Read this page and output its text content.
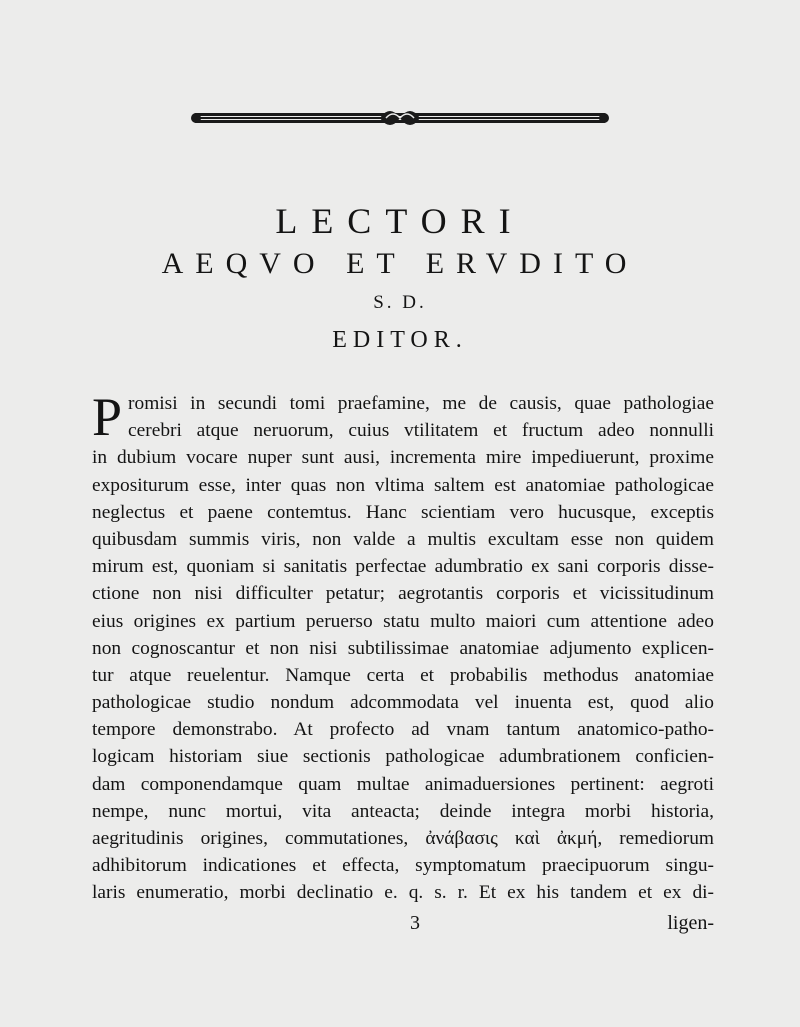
LECTORI
AEQVO ET ERVDITO
S. D.
EDITOR.
P romisi in secundi tomi praefamine, me de causis, quae pathologiae
cerebri atque neruorum, cuius vtilitatem et fructum adeo nonnulli
in dubium vocare nuper sunt ausi, incrementa mire impediuerunt, proxime
expositurum esse, inter quas non vltima saltem est anatomiae pathologicae
neglectus et paene contemtus. Hanc scientiam vero hucusque, exceptis
quibusdam summis viris, non valde a multis excultam esse non quidem
mirum est, quoniam si sanitatis perfectae adumbratio ex sani corporis disse-
ctione non nisi difficulter petatur; aegrotantis corporis et vicissitudinum
eius origines ex partium peruerso statu multo maiori cum attentione adeo
non cognoscantur et non nisi subtilissimae anatomiae adjumento explicen-
tur atque reuelentur. Namque certa et probabilis methodus anatomiae
pathologicae studio nondum adcommodata vel inuenta est, quod alio
tempore demonstrabo. At profecto ad vnam tantum anatomico-patho-
logicam historiam siue sectionis pathologicae adumbrationem conficien-
dam componendamque quam multae animaduersiones pertinent: aegroti
nempe, nunc mortui, vita anteacta; deinde integra morbi historia,
aegritudinis origines, commutationes, ἀνάβασις καὶ ἀκμή, remediorum
adhibitorum indicationes et effecta, symptomatum praecipuorum singu-
laris enumeratio, morbi declinatio e. q. s. r. Et ex his tandem et ex di-
3	ligen-
